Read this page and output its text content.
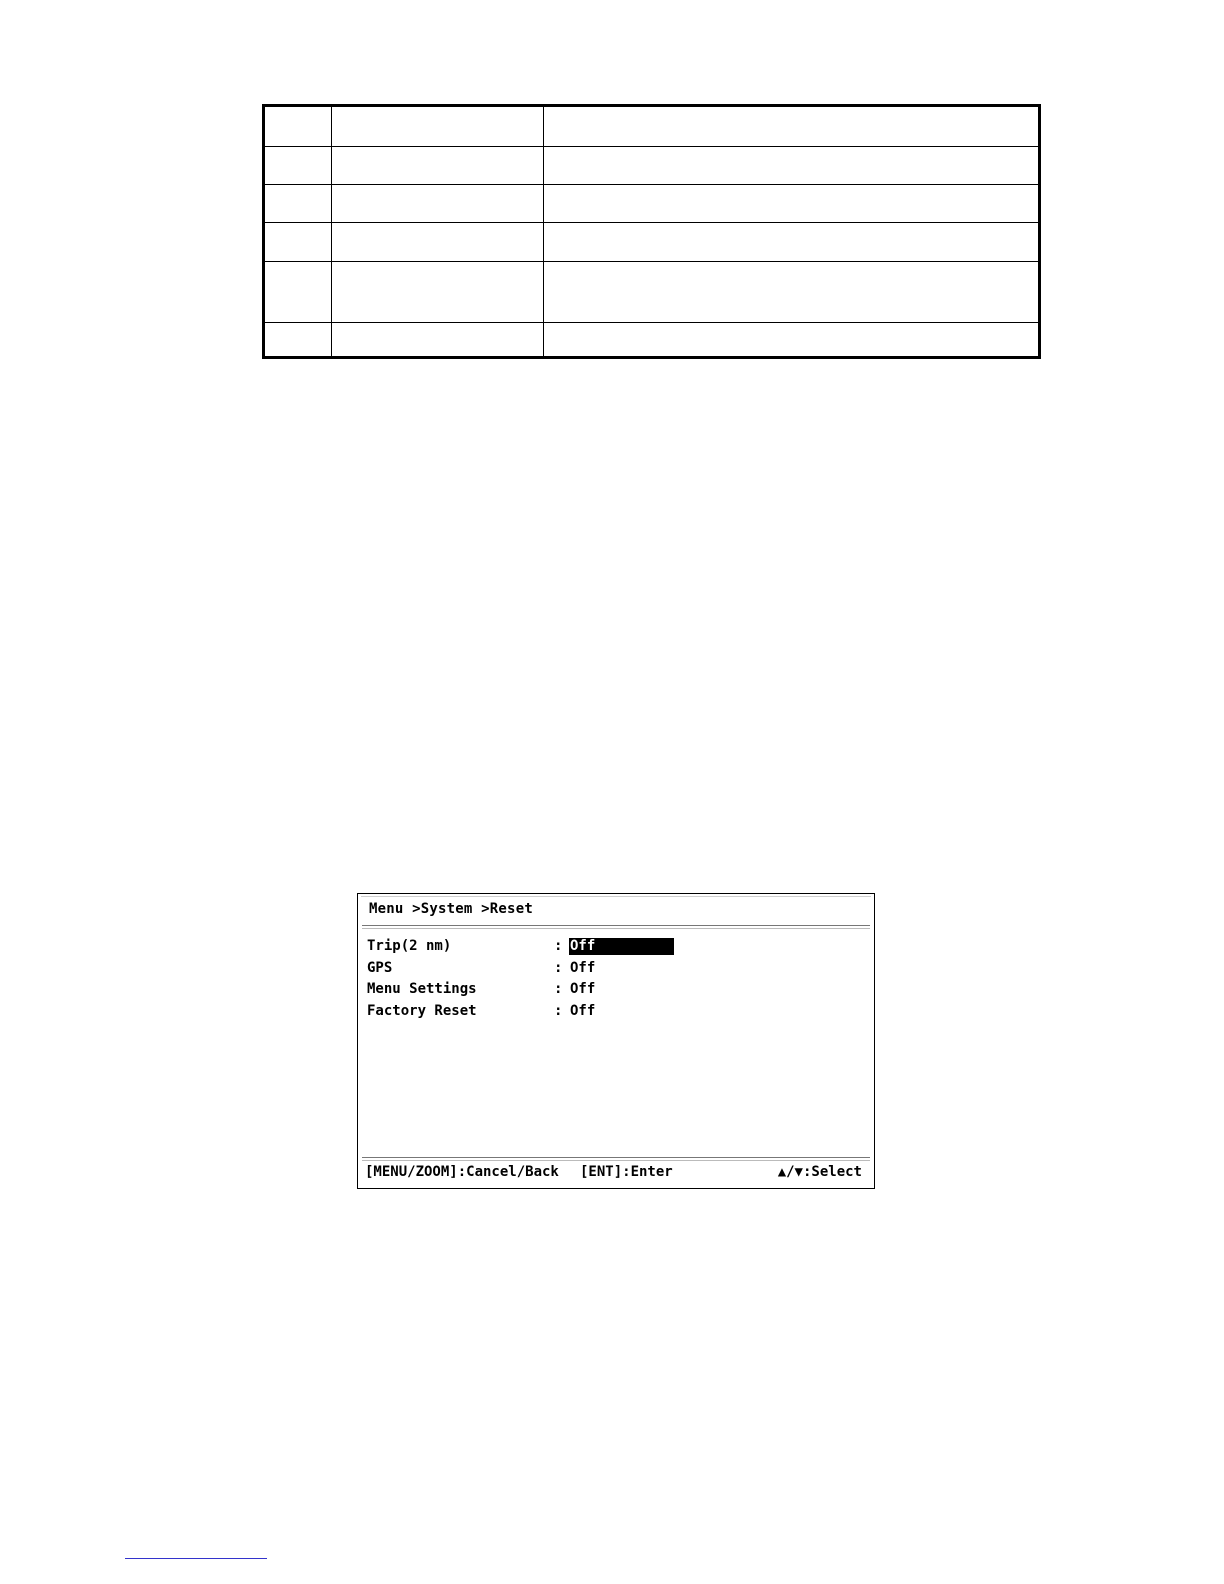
Menu >System >Reset
Trip(2 nm)	: Off
GPS	: Off
Menu Settings	: Off
Factory Reset	: Off

[MENU/ZOOM]:Cancel/Back

[ENT]:Enter

	▲/▼:Select
